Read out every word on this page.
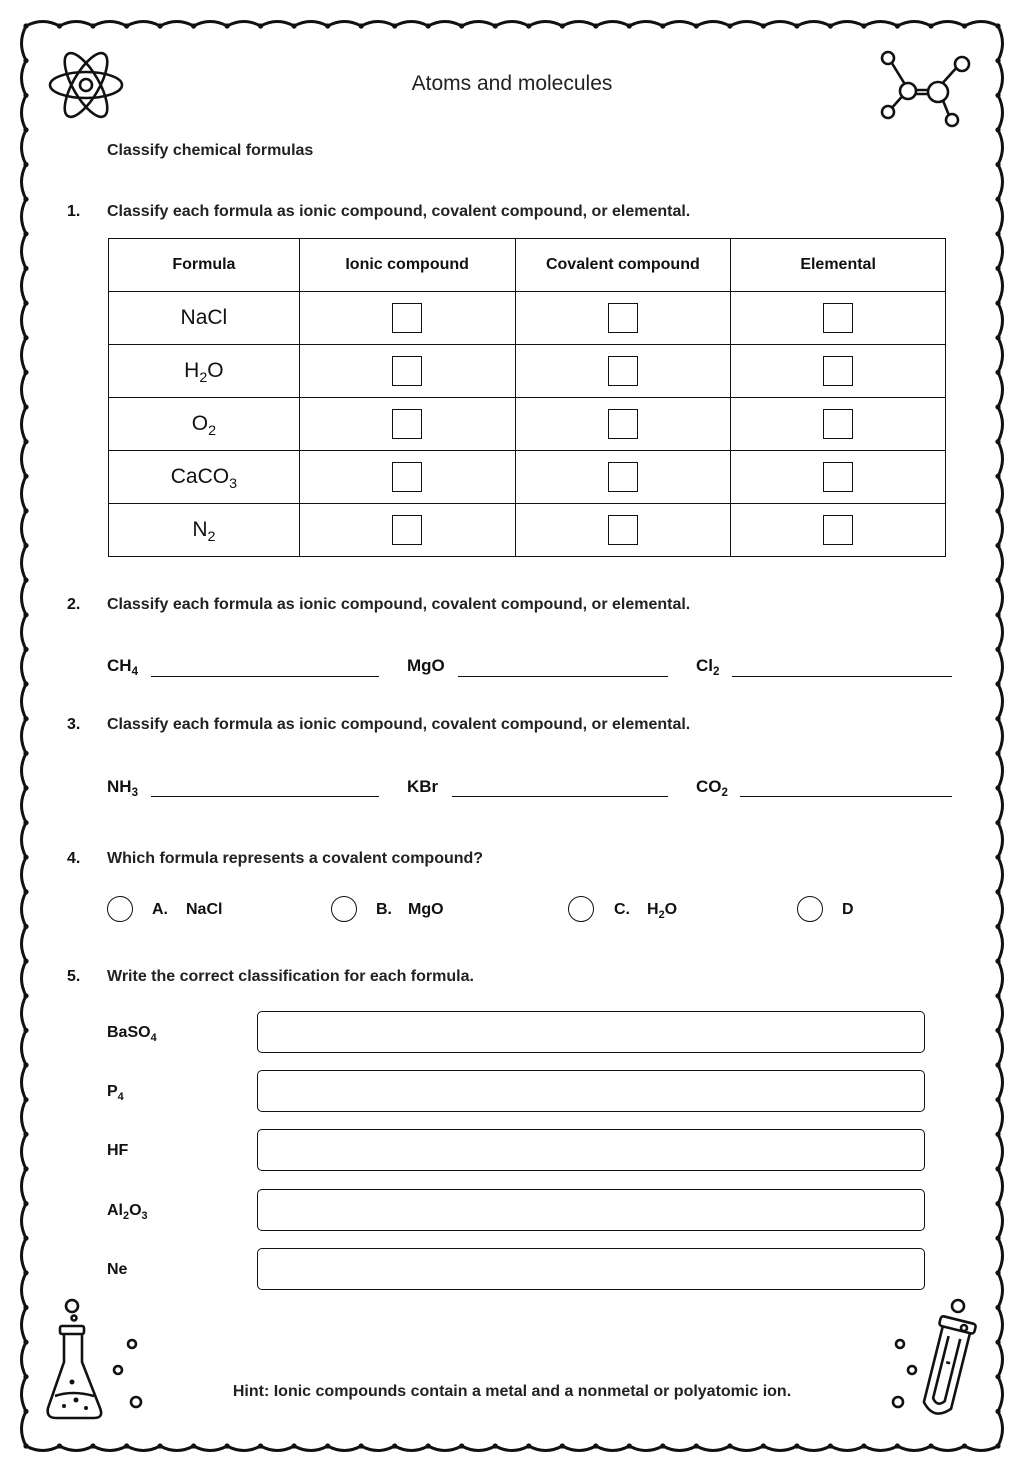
Atoms and molecules
Classify chemical formulas
1. Classify each formula as ionic compound, covalent compound, or elemental.
Formula	Ionic compound	Covalent compound	Elemental
NaCl			
$H_2O$			
$O_2$			
CaCO$_3$			
$N_2$			
2. Classify each formula as ionic compound, covalent compound, or elemental.
$CH_4$	MgO	$Cl_2$
3. Classify each formula as ionic compound, covalent compound, or elemental.
$NH_3$	KBr	$CO_2$
4. Which formula represents a covalent compound?
A. NaCl	B. MgO	C. $H_2O$	D
5. Write the correct classification for each formula.
BaSO$_4$
$P_4$
HF
$Al_2O_3$
Ne
Hint: Ionic compounds contain a metal and a nonmetal or polyatomic ion.
